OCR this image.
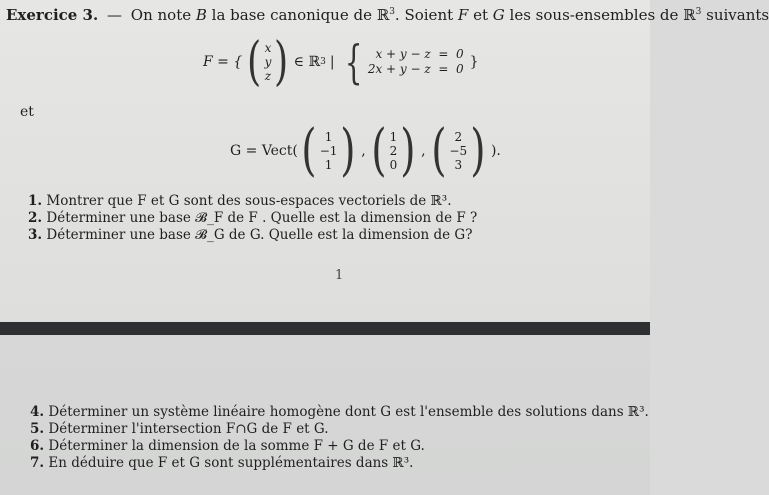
Exercice 3. — On note B la base canonique de ℝ$^3$. Soient F et G les sous-ensembles de ℝ$^3$ suivants
F = { ( x
y
z ) ∈ ℝ 3 | {	x + y − z  =  0
2x + y − z  =  0 }
et
G = Vect( ( 1
−1
1 ) , ( 1
2
0 ) , ( 2
−5
3 ) ).
1. Montrer que F et G sont des sous-espaces vectoriels de ℝ³.
2. Déterminer une base 𝓑_F de F . Quelle est la dimension de F ?
3. Déterminer une base 𝓑_G de G. Quelle est la dimension de G?
1
4. Déterminer un système linéaire homogène dont G est l'ensemble des solutions dans ℝ³.
5. Déterminer l'intersection F∩G de F et G.
6. Déterminer la dimension de la somme F + G de F et G.
7. En déduire que F et G sont supplémentaires dans ℝ³.
